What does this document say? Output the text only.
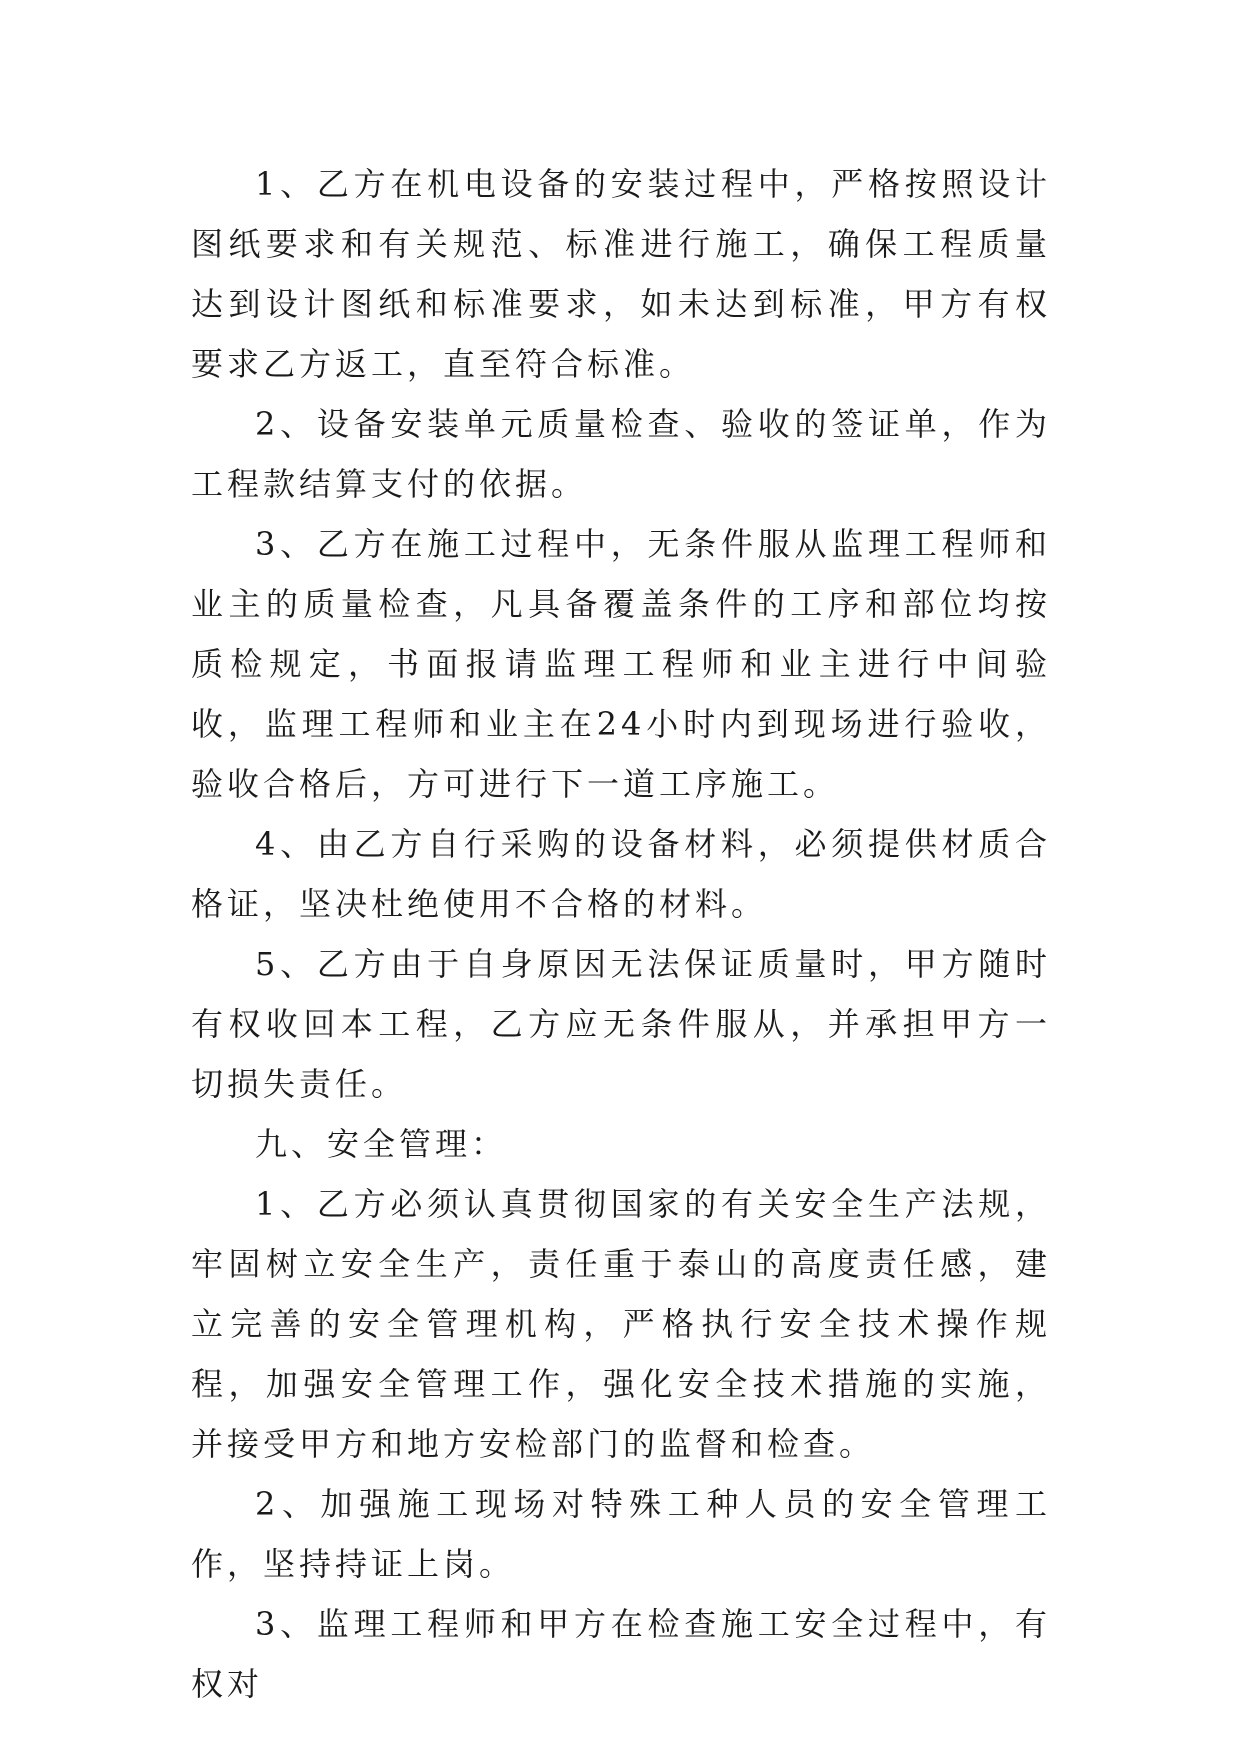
1、乙方在机电设备的安装过程中，严格按照设计图纸要求和有关规范、标准进行施工，确保工程质量达到设计图纸和标准要求，如未达到标准，甲方有权要求乙方返工，直至符合标准。

2、设备安装单元质量检查、验收的签证单，作为工程款结算支付的依据。

3、乙方在施工过程中，无条件服从监理工程师和业主的质量检查，凡具备覆盖条件的工序和部位均按质检规定，书面报请监理工程师和业主进行中间验收，监理工程师和业主在24小时内到现场进行验收，验收合格后，方可进行下一道工序施工。

4、由乙方自行采购的设备材料，必须提供材质合格证，坚决杜绝使用不合格的材料。

5、乙方由于自身原因无法保证质量时，甲方随时有权收回本工程，乙方应无条件服从，并承担甲方一切损失责任。

九、安全管理：

1、乙方必须认真贯彻国家的有关安全生产法规，牢固树立安全生产，责任重于泰山的高度责任感，建立完善的安全管理机构，严格执行安全技术操作规程，加强安全管理工作，强化安全技术措施的实施，并接受甲方和地方安检部门的监督和检查。

2、加强施工现场对特殊工种人员的安全管理工作，坚持持证上岗。

3、监理工程师和甲方在检查施工安全过程中，有权对
